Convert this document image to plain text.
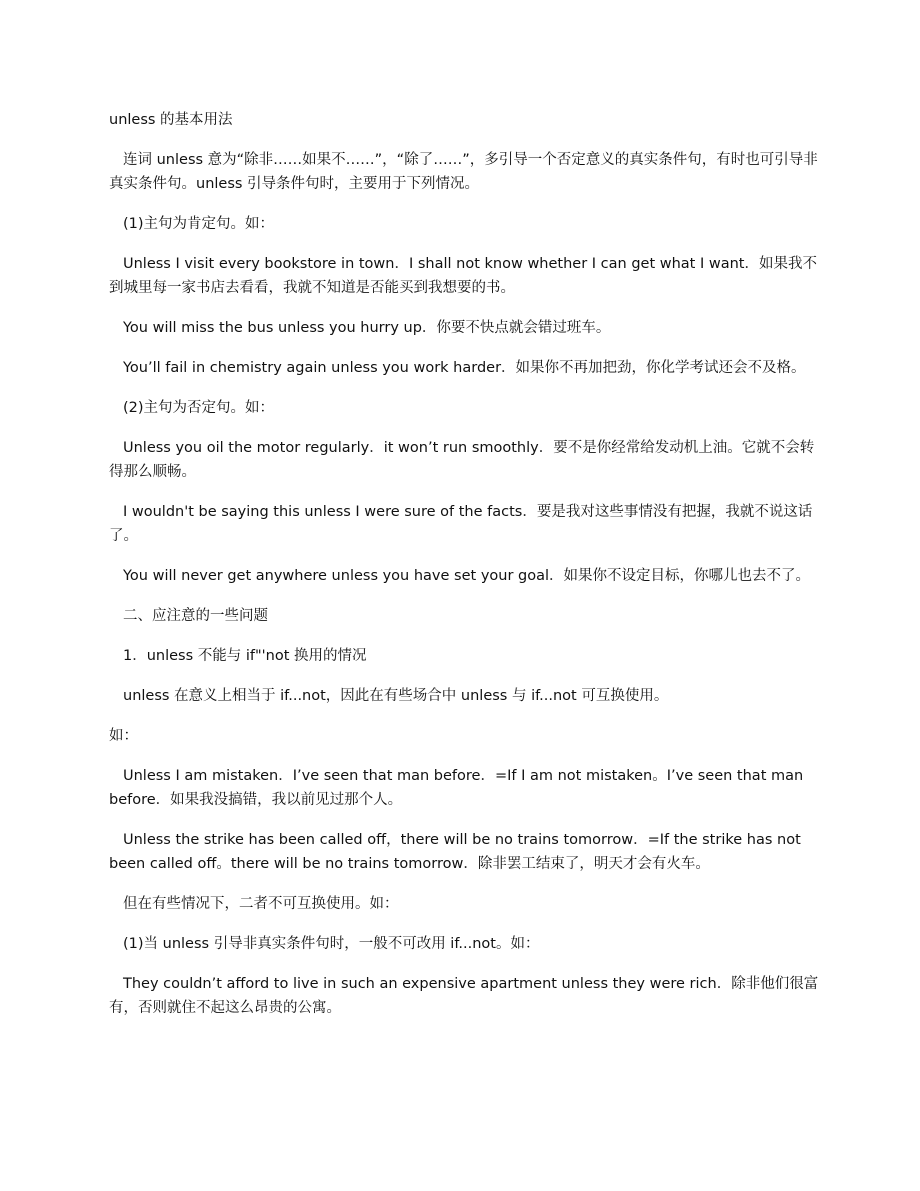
unless 的基本用法

连词 unless 意为“除非……如果不……”，“除了……”，多引导一个否定意义的真实条件句，有时也可引导非真实条件句。unless 引导条件句时，主要用于下列情况。

(1)主句为肯定句。如：

Unless I visit every bookstore in town．I shall not know whether I can get what I want．如果我不到城里每一家书店去看看，我就不知道是否能买到我想要的书。

You will miss the bus unless you hurry up．你要不快点就会错过班车。

You’ll fail in chemistry again unless you work harder．如果你不再加把劲，你化学考试还会不及格。

(2)主句为否定句。如：

Unless you oil the motor regularly．it won’t run smoothly．要不是你经常给发动机上油。它就不会转得那么顺畅。

I wouldn't be saying this unless I were sure of the facts．要是我对这些事情没有把握，我就不说这话了。

You will never get anywhere unless you have set your goal．如果你不设定目标，你哪儿也去不了。

二、应注意的一些问题

1．unless 不能与 if"'not 换用的情况

unless 在意义上相当于 if...not，因此在有些场合中 unless 与 if...not 可互换使用。

如：

Unless I am mistaken．I’ve seen that man before．=If I am not mistaken。I’ve seen that man before．如果我没搞错，我以前见过那个人。

Unless the strike has been called off，there will be no trains tomorrow．=If the strike has not been called off。there will be no trains tomorrow．除非罢工结束了，明天才会有火车。

但在有些情况下，二者不可互换使用。如：

(1)当 unless 引导非真实条件句时，一般不可改用 if...not。如：

They couldn’t afford to live in such an expensive apartment unless they were rich．除非他们很富有，否则就住不起这么昂贵的公寓。
